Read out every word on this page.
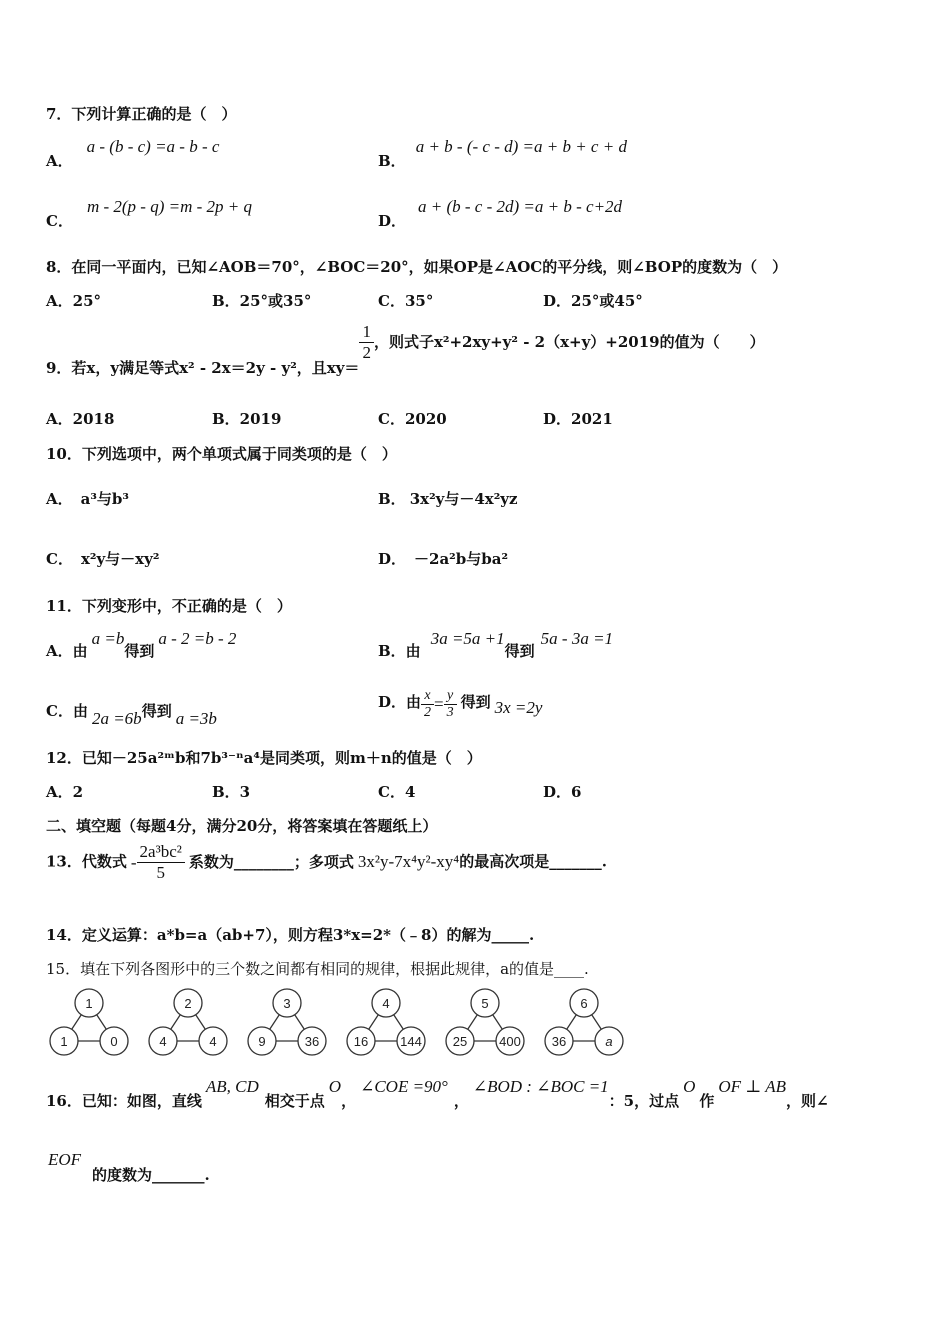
7．下列计算正确的是（　）
A．a - (b - c) =a - b - c
B．a + b - (- c - d) =a + b + c + d
C．m - 2(p - q) =m - 2p + q
D．a + (b - c - 2d) =a + b - c+2d
8．在同一平面内，已知∠AOB＝70°，∠BOC＝20°，如果OP是∠AOC的平分线，则∠BOP的度数为（　）
A．25°	B．25°或35°	C．35°	D．25°或45°
9．若x，y满足等式x² - 2x＝2y - y²，且xy＝
$\frac{1}{2}$ ，则式子x²+2xy+y² - 2（x+y）+2019的值为（　　）
A．2018	B．2019	C．2020	D．2021
10．下列选项中，两个单项式属于同类项的是（　）
A． a³与b³	B． 3x²y与－4x²yz
C． x²y与－xy²	D． －2a²b与ba²
11．下列变形中，不正确的是（　）
A．由a =b得到a - 2 =b - 2
B．由3a =5a +1得到5a - 3a =1
C．由 2a =6b得到 a =3b
D．由 $\frac{x}{2} = \frac{y}{3}$ 得到 3x =2y
12．已知－25a²ᵐb和7b³⁻ⁿa⁴是同类项，则m＋n的值是（　）
A．2	B．3	C．4	D．6
二、填空题（每题4分，满分20分，将答案填在答题纸上）
13．代数式 - $\frac{\text{2a³bc²}}{5}$ 系数为________；多项式 3x²y-7x⁴y²-xy⁴的最高次项是_______.
14．定义运算：a*b=a（ab+7），则方程3*x=2*（﹣8）的解为_____.
15．填在下列各图形中的三个数之间都有相同的规律，根据此规律，a的值是____.
1
1	0
2
4	4
3
9	36
4
16 144
5
25 400
6
36	a
16．已知：如图，直线AB, CD相交于点O，∠COE =90°，∠BOD : ∠BOC =1：5，过点O作OF ⊥ AB，则∠
EOF
的度数为_______.
